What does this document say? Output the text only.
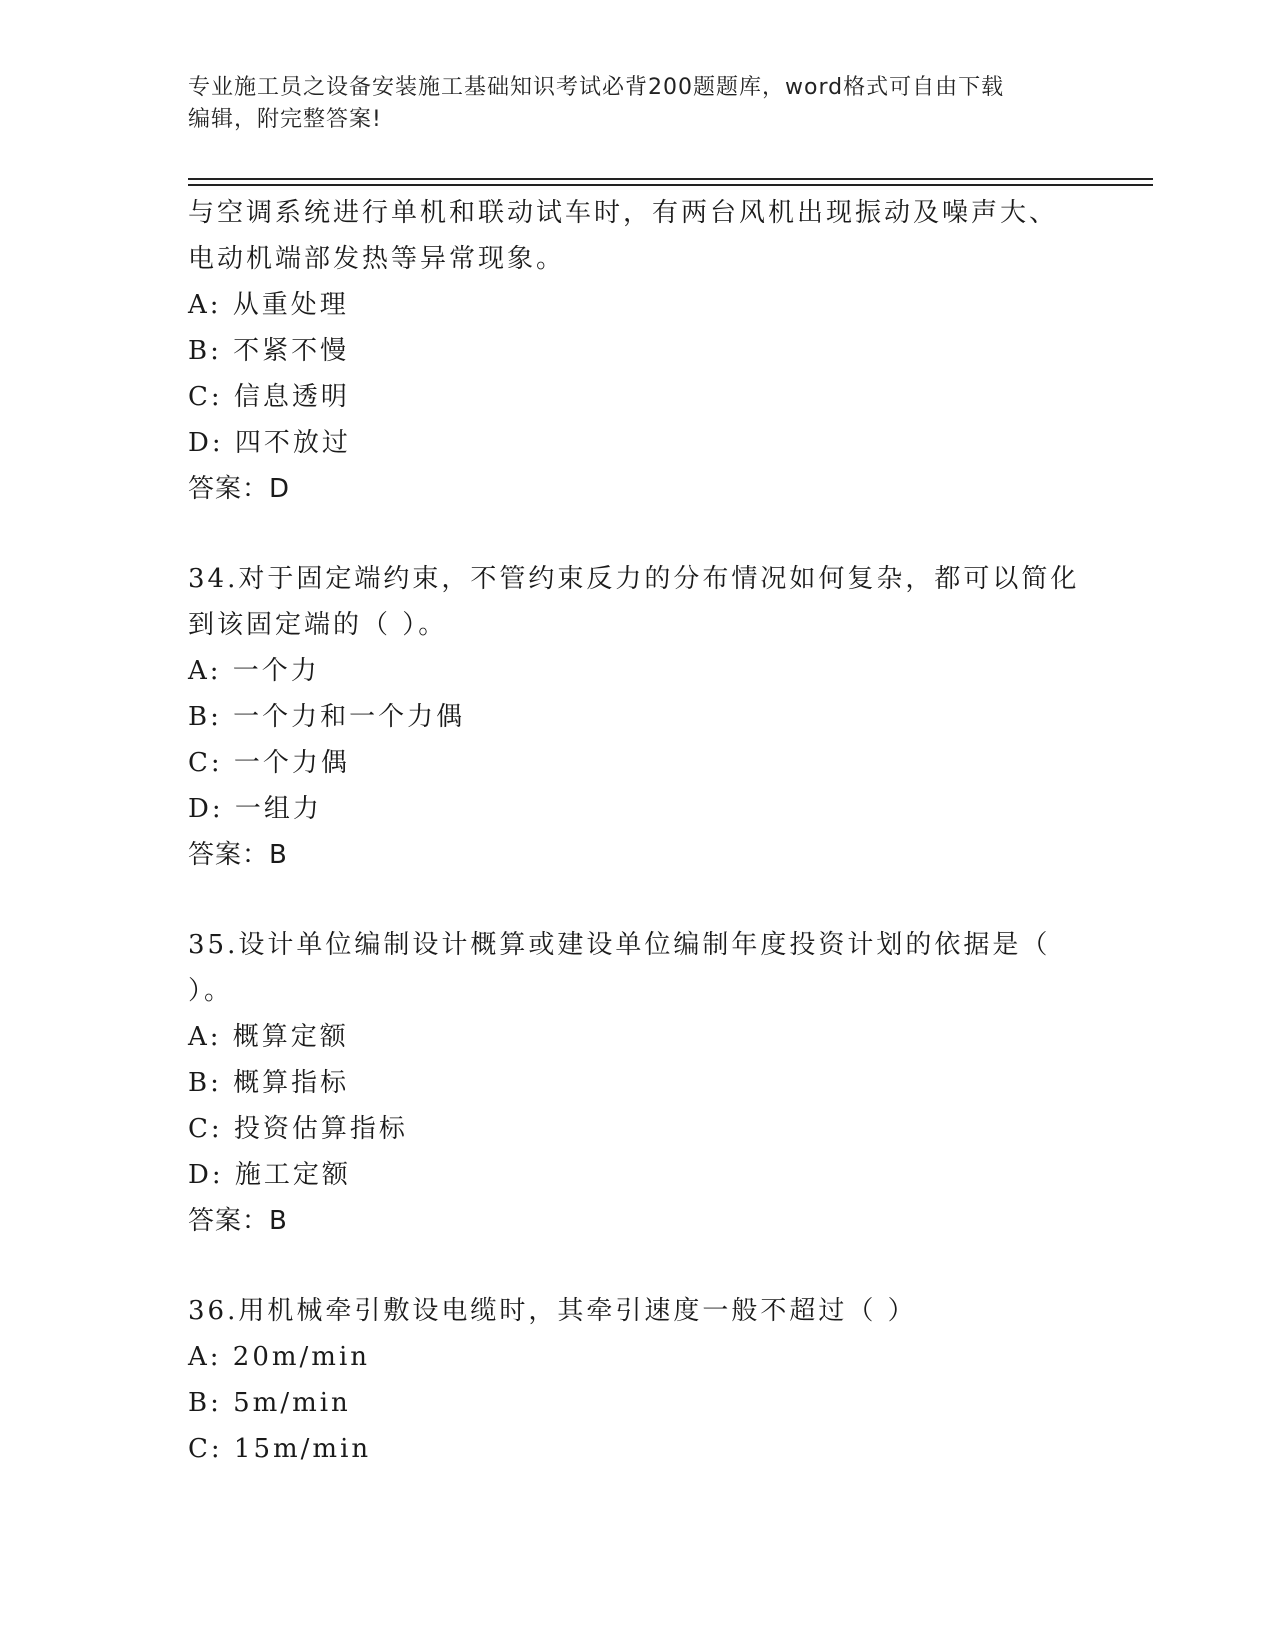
专业施工员之设备安装施工基础知识考试必背200题题库，word格式可自由下载
编辑，附完整答案!
与空调系统进行单机和联动试车时，有两台风机出现振动及噪声大、
电动机端部发热等异常现象。
A: 从重处理
B: 不紧不慢
C: 信息透明
D: 四不放过
答案：D
34.对于固定端约束，不管约束反力的分布情况如何复杂，都可以简化
到该固定端的（ ）。
A: 一个力
B: 一个力和一个力偶
C: 一个力偶
D: 一组力
答案：B
35.设计单位编制设计概算或建设单位编制年度投资计划的依据是（
）。
A: 概算定额
B: 概算指标
C: 投资估算指标
D: 施工定额
答案：B
36.用机械牵引敷设电缆时，其牵引速度一般不超过（ ）
A: 20m/min
B: 5m/min
C: 15m/min
